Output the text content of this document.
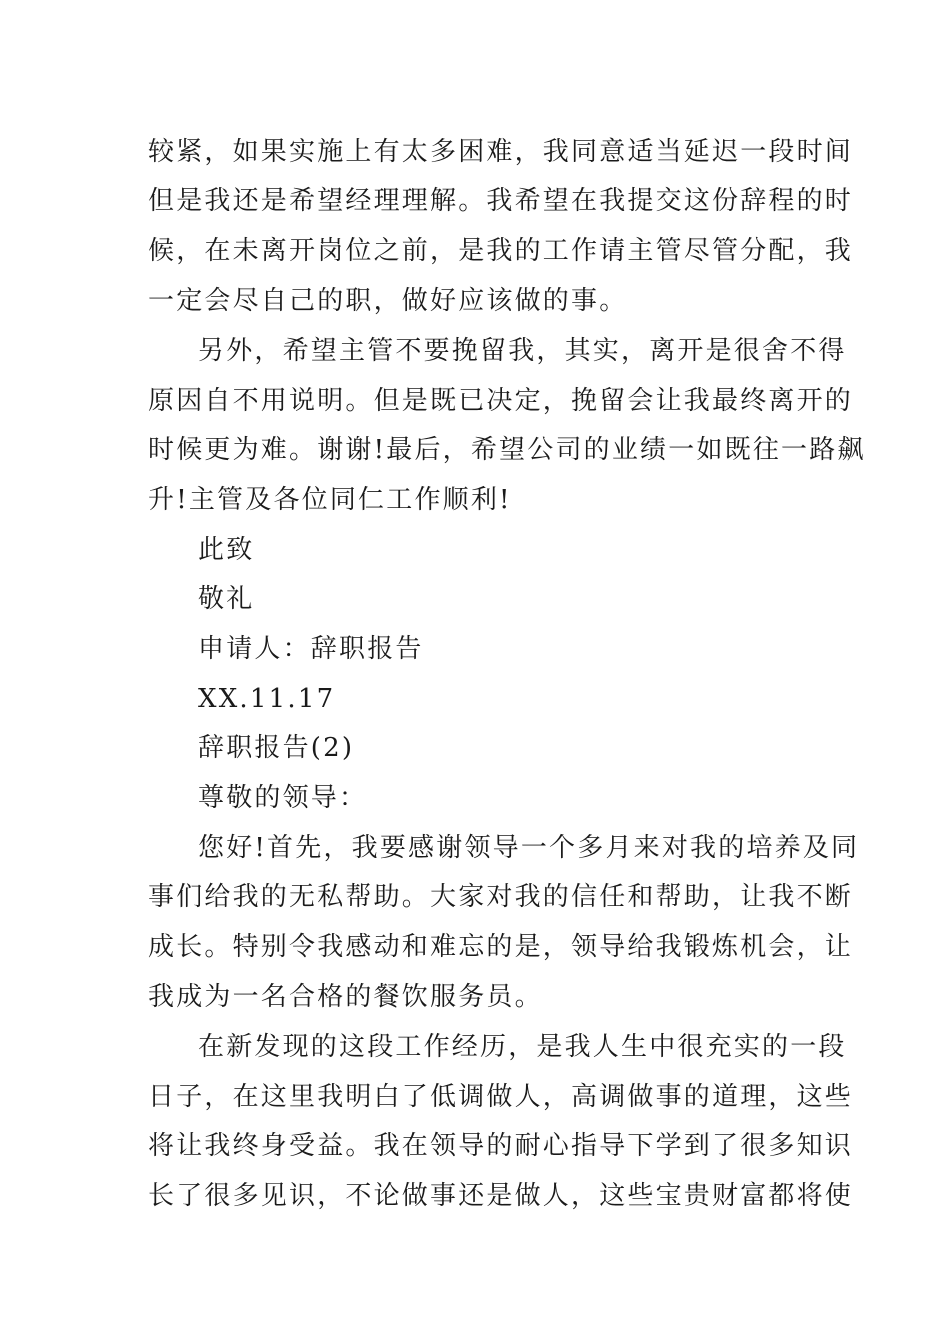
较紧，如果实施上有太多困难，我同意适当延迟一段时间
但是我还是希望经理理解。我希望在我提交这份辞程的时
候，在未离开岗位之前，是我的工作请主管尽管分配，我
一定会尽自己的职，做好应该做的事。
另外，希望主管不要挽留我，其实，离开是很舍不得
原因自不用说明。但是既已决定，挽留会让我最终离开的
时候更为难。谢谢!最后，希望公司的业绩一如既往一路飙
升!主管及各位同仁工作顺利!
此致
敬礼
申请人：辞职报告
XX.11.17
辞职报告(2)
尊敬的领导：
您好!首先，我要感谢领导一个多月来对我的培养及同
事们给我的无私帮助。大家对我的信任和帮助，让我不断
成长。特别令我感动和难忘的是，领导给我锻炼机会，让
我成为一名合格的餐饮服务员。
在新发现的这段工作经历，是我人生中很充实的一段
日子，在这里我明白了低调做人，高调做事的道理，这些
将让我终身受益。我在领导的耐心指导下学到了很多知识
长了很多见识，不论做事还是做人，这些宝贵财富都将使
